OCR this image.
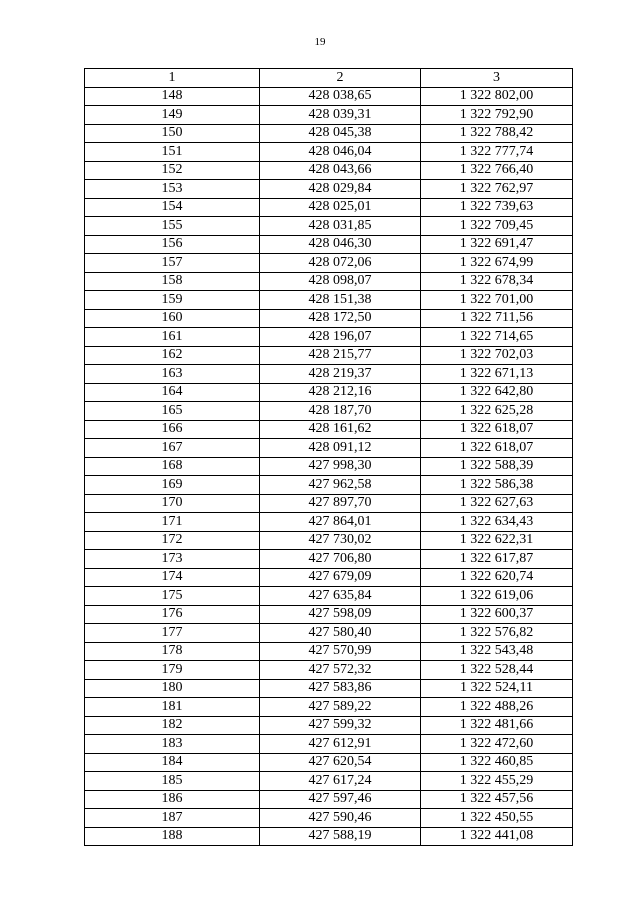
19
1	2	3
148	428 038,65	1 322 802,00
149	428 039,31	1 322 792,90
150	428 045,38	1 322 788,42
151	428 046,04	1 322 777,74
152	428 043,66	1 322 766,40
153	428 029,84	1 322 762,97
154	428 025,01	1 322 739,63
155	428 031,85	1 322 709,45
156	428 046,30	1 322 691,47
157	428 072,06	1 322 674,99
158	428 098,07	1 322 678,34
159	428 151,38	1 322 701,00
160	428 172,50	1 322 711,56
161	428 196,07	1 322 714,65
162	428 215,77	1 322 702,03
163	428 219,37	1 322 671,13
164	428 212,16	1 322 642,80
165	428 187,70	1 322 625,28
166	428 161,62	1 322 618,07
167	428 091,12	1 322 618,07
168	427 998,30	1 322 588,39
169	427 962,58	1 322 586,38
170	427 897,70	1 322 627,63
171	427 864,01	1 322 634,43
172	427 730,02	1 322 622,31
173	427 706,80	1 322 617,87
174	427 679,09	1 322 620,74
175	427 635,84	1 322 619,06
176	427 598,09	1 322 600,37
177	427 580,40	1 322 576,82
178	427 570,99	1 322 543,48
179	427 572,32	1 322 528,44
180	427 583,86	1 322 524,11
181	427 589,22	1 322 488,26
182	427 599,32	1 322 481,66
183	427 612,91	1 322 472,60
184	427 620,54	1 322 460,85
185	427 617,24	1 322 455,29
186	427 597,46	1 322 457,56
187	427 590,46	1 322 450,55
188	427 588,19	1 322 441,08
